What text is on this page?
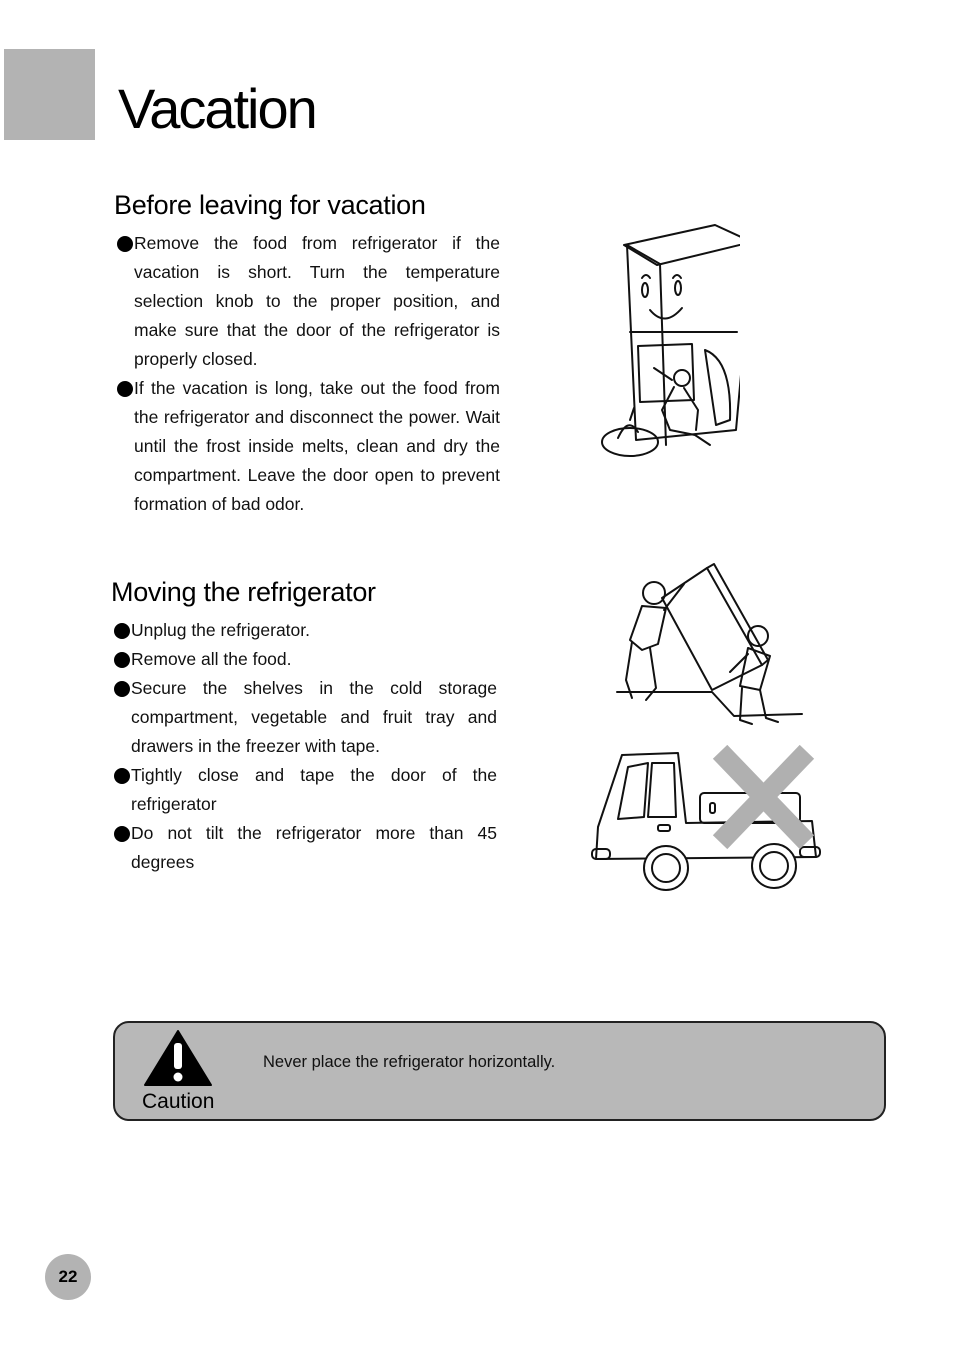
Vacation
Before leaving for vacation
Remove the food from refrigerator if the vacation is short. Turn the temperature selection knob to the proper position, and make sure that the door of the refrigerator is properly closed.
If the vacation is long, take out the food from the refrigerator and disconnect the power. Wait until the frost inside melts, clean and dry the compartment. Leave the door open to prevent formation of bad odor.
Moving the refrigerator
Unplug the refrigerator.
Remove all the food.
Secure the shelves in the cold storage compartment, vegetable and fruit tray and drawers in the freezer with tape.
Tightly close and tape the door of the refrigerator
Do not tilt the refrigerator more than 45 degrees
Caution
Never place the refrigerator horizontally.
22
